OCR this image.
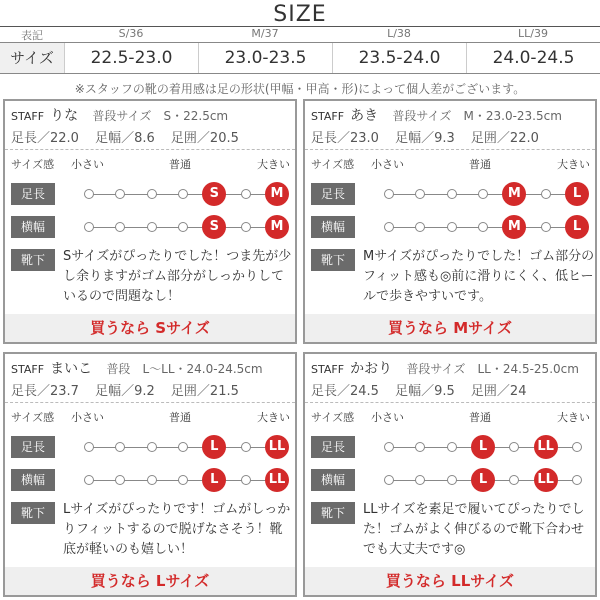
SIZE
表記	S/36	M/37	L/38	LL/39
サイズ	22.5-23.0	23.0-23.5	23.5-24.0	24.0-24.5
※スタッフの靴の着用感は足の形状(甲幅・甲高・形)によって個人差がございます。
STAFF りな 普段サイズ S・22.5cm
足長／22.0 足幅／8.6 足囲／20.5
サイズ感 小さい	普通	大きい
足長	S	M
横幅	S	M
靴下	Sサイズがぴったりでした！つま先が少し余りますがゴム部分がしっかりしているので問題なし！
買うなら Sサイズ
STAFF あき 普段サイズ M・23.0-23.5cm
足長／23.0 足幅／9.3 足囲／22.0
サイズ感 小さい	普通	大きい
足長	M	L
横幅	M	L
靴下	Mサイズがぴったりでした！ゴム部分のフィット感も◎前に滑りにくく、低ヒールで歩きやすいです。
買うなら Mサイズ
STAFF まいこ 普段 L～LL・24.0-24.5cm
足長／23.7 足幅／9.2 足囲／21.5
サイズ感 小さい	普通	大きい
足長	L	LL
横幅	L	LL
靴下	Lサイズがぴったりです！ゴムがしっかりフィットするので脱げなさそう！靴底が軽いのも嬉しい！
買うなら Lサイズ
STAFF かおり 普段サイズ LL・24.5-25.0cm
足長／24.5 足幅／9.5 足囲／24
サイズ感 小さい	普通	大きい
足長	L	LL
横幅	L	LL
靴下	LLサイズを素足で履いてぴったりでした！ゴムがよく伸びるので靴下合わせでも大丈夫です◎
買うなら LLサイズ
